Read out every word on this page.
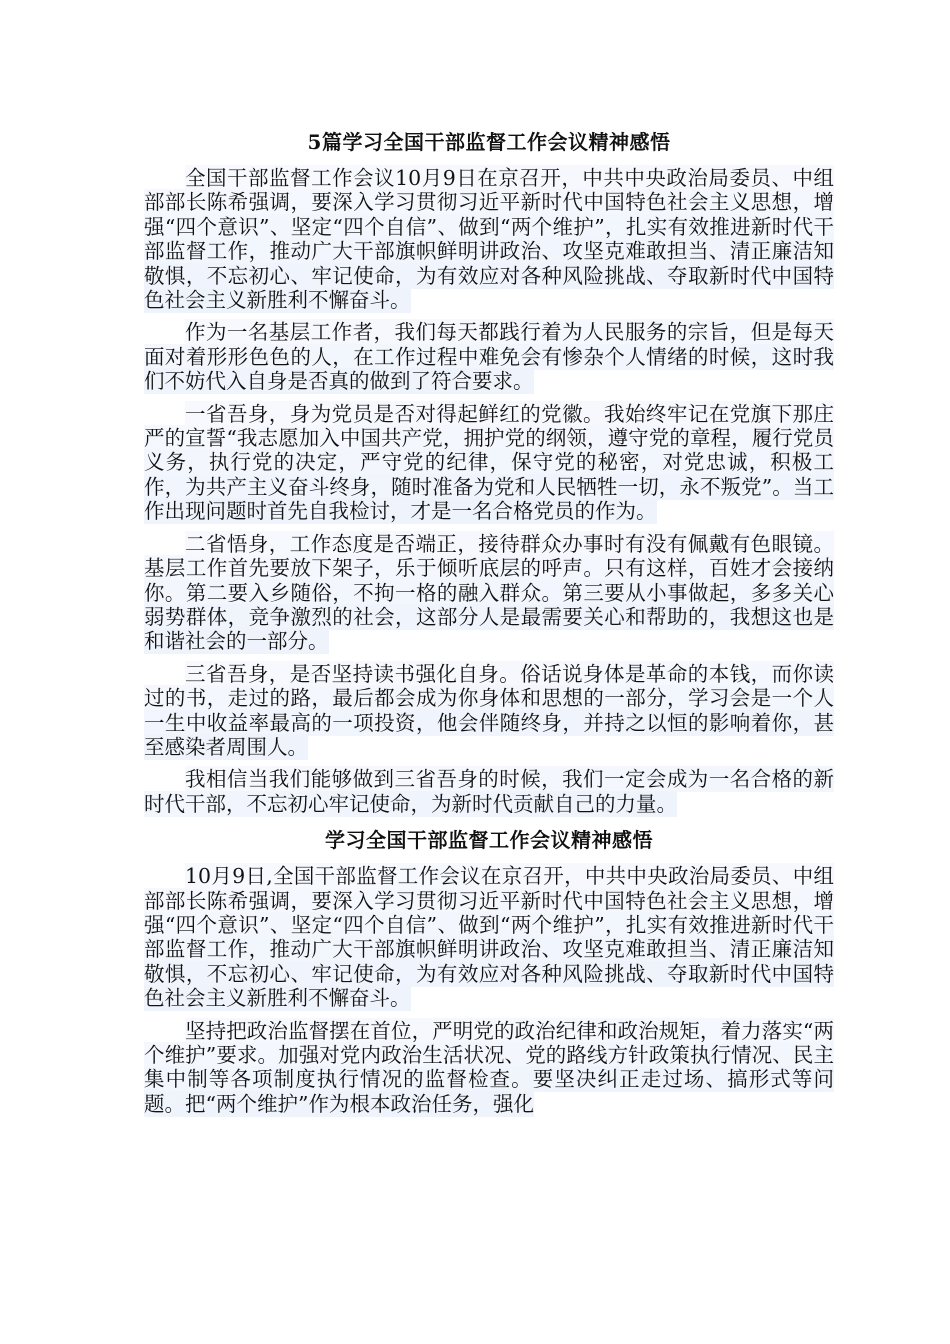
5篇学习全国干部监督工作会议精神感悟

全国干部监督工作会议10月9日在京召开，中共中央政治局委员、中组部部长陈希强调，要深入学习贯彻习近平新时代中国特色社会主义思想，增强“四个意识”、坚定“四个自信”、做到“两个维护”，扎实有效推进新时代干部监督工作，推动广大干部旗帜鲜明讲政治、攻坚克难敢担当、清正廉洁知敬惧，不忘初心、牢记使命，为有效应对各种风险挑战、夺取新时代中国特色社会主义新胜利不懈奋斗。

作为一名基层工作者，我们每天都践行着为人民服务的宗旨，但是每天面对着形形色色的人，在工作过程中难免会有惨杂个人情绪的时候，这时我们不妨代入自身是否真的做到了符合要求。

一省吾身，身为党员是否对得起鲜红的党徽。我始终牢记在党旗下那庄严的宣誓“我志愿加入中国共产党，拥护党的纲领，遵守党的章程，履行党员义务，执行党的决定，严守党的纪律，保守党的秘密，对党忠诚，积极工作，为共产主义奋斗终身，随时准备为党和人民牺牲一切，永不叛党”。当工作出现问题时首先自我检讨，才是一名合格党员的作为。

二省悟身，工作态度是否端正，接待群众办事时有没有佩戴有色眼镜。基层工作首先要放下架子，乐于倾听底层的呼声。只有这样，百姓才会接纳你。第二要入乡随俗，不拘一格的融入群众。第三要从小事做起，多多关心弱势群体，竞争激烈的社会，这部分人是最需要关心和帮助的，我想这也是和谐社会的一部分。

三省吾身，是否坚持读书强化自身。俗话说身体是革命的本钱，而你读过的书，走过的路，最后都会成为你身体和思想的一部分，学习会是一个人一生中收益率最高的一项投资，他会伴随终身，并持之以恒的影响着你，甚至感染者周围人。

我相信当我们能够做到三省吾身的时候，我们一定会成为一名合格的新时代干部，不忘初心牢记使命，为新时代贡献自己的力量。

学习全国干部监督工作会议精神感悟

10月9日,全国干部监督工作会议在京召开，中共中央政治局委员、中组部部长陈希强调，要深入学习贯彻习近平新时代中国特色社会主义思想，增强“四个意识”、坚定“四个自信”、做到“两个维护”，扎实有效推进新时代干部监督工作，推动广大干部旗帜鲜明讲政治、攻坚克难敢担当、清正廉洁知敬惧，不忘初心、牢记使命，为有效应对各种风险挑战、夺取新时代中国特色社会主义新胜利不懈奋斗。

坚持把政治监督摆在首位，严明党的政治纪律和政治规矩，着力落实“两个维护”要求。加强对党内政治生活状况、党的路线方针政策执行情况、民主集中制等各项制度执行情况的监督检查。要坚决纠正走过场、搞形式等问题。把“两个维护”作为根本政治任务，强化
